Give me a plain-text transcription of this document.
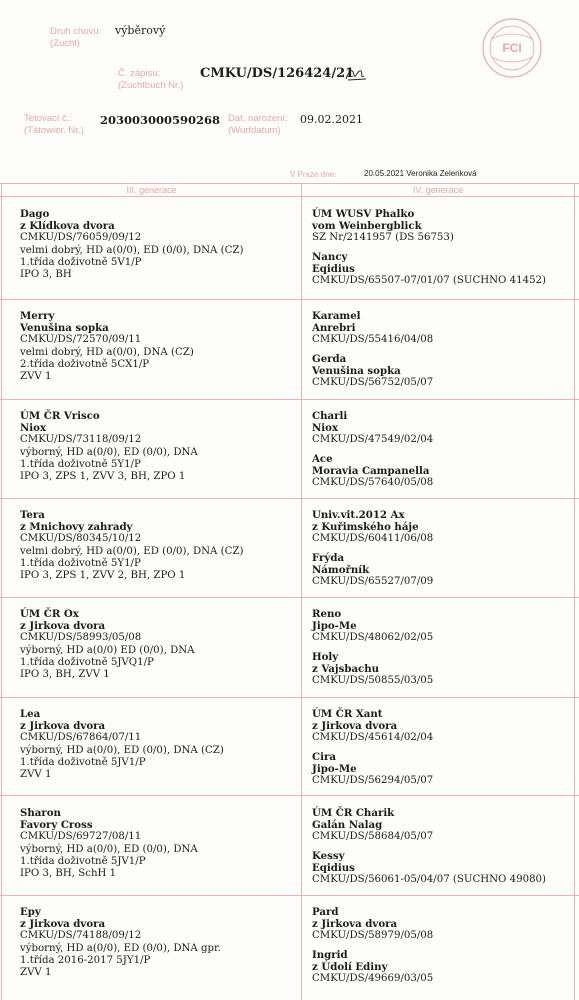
Druh chovu:
(Zucht)
výběrový
Č. zápisu:
(Zuchtbuch Nr.)
CMKU/DS/126424/21
Tetovací č.:
(Tätowier. Nr.)
203003000590268 Dat. narození:
(Wurfdatum)
09.02.2021
V Praze dne:	20.05.2021 Veronika Zelenková
FCI
III. generace	IV. generace
Dago
z Klídkova dvora
CMKU/DS/76059/09/12
velmi dobrý, HD a(0/0), ED (0/0), DNA (CZ)
1.třída doživotně 5V1/P
IPO 3, BH
ÚM WUSV Phalko
vom Weinbergblick
SZ Nr/2141957 (DS 56753)
Nancy
Eqidius
CMKU/DS/65507-07/01/07 (SUCHNO 41452)
Merry
Venušina sopka
CMKU/DS/72570/09/11
velmi dobrý, HD a(0/0), DNA (CZ)
2.třída doživotně 5CX1/P
ZVV 1
Karamel
Anrebri
CMKU/DS/55416/04/08
Gerda
Venušina sopka
CMKU/DS/56752/05/07
ÚM ČR Vrisco
Niox
CMKU/DS/73118/09/12
výborný, HD a(0/0), ED (0/0), DNA
1.třída doživotně 5Y1/P
IPO 3, ZPS 1, ZVV 3, BH, ZPO 1
Charli
Niox
CMKU/DS/47549/02/04
Ace
Moravia Campanella
CMKU/DS/57640/05/08
Tera
z Mnichovy zahrady
CMKU/DS/80345/10/12
velmi dobrý, HD a(0/0), ED (0/0), DNA (CZ)
1.třída doživotně 5Y1/P
IPO 3, ZPS 1, ZVV 2, BH, ZPO 1
Univ.vit.2012 Ax
z Kuřimského háje
CMKU/DS/60411/06/08
Frýda
Námořník
CMKU/DS/65527/07/09
ÚM ČR Ox
z Jirkova dvora
CMKU/DS/58993/05/08
výborný, HD a(0/0) ED (0/0), DNA
1.třída doživotně 5JVQ1/P
IPO 3, BH, ZVV 1
Reno
Jipo-Me
CMKU/DS/48062/02/05
Holy
z Vajsbachu
CMKU/DS/50855/03/05
Lea
z Jirkova dvora
CMKU/DS/67864/07/11
výborný, HD a(0/0), ED (0/0), DNA (CZ)
1.třída doživotně 5JV1/P
ZVV 1
ÚM ČR Xant
z Jirkova dvora
CMKU/DS/45614/02/04
Cira
Jipo-Me
CMKU/DS/56294/05/07
Sharon
Favory Cross
CMKU/DS/69727/08/11
výborný, HD a(0/0), ED (0/0), DNA
1.třída doživotně 5JV1/P
IPO 3, BH, SchH 1
ÚM ČR Charik
Galán Nalag
CMKU/DS/58684/05/07
Kessy
Eqidius
CMKU/DS/56061-05/04/07 (SUCHNO 49080)
Epy
z Jirkova dvora
CMKU/DS/74188/09/12
výborný, HD a(0/0), ED (0/0), DNA gpr.
1.třída 2016-2017 5JY1/P
ZVV 1
Pard
z Jirkova dvora
CMKU/DS/58979/05/08
Ingrid
z Údolí Ediny
CMKU/DS/49669/03/05
